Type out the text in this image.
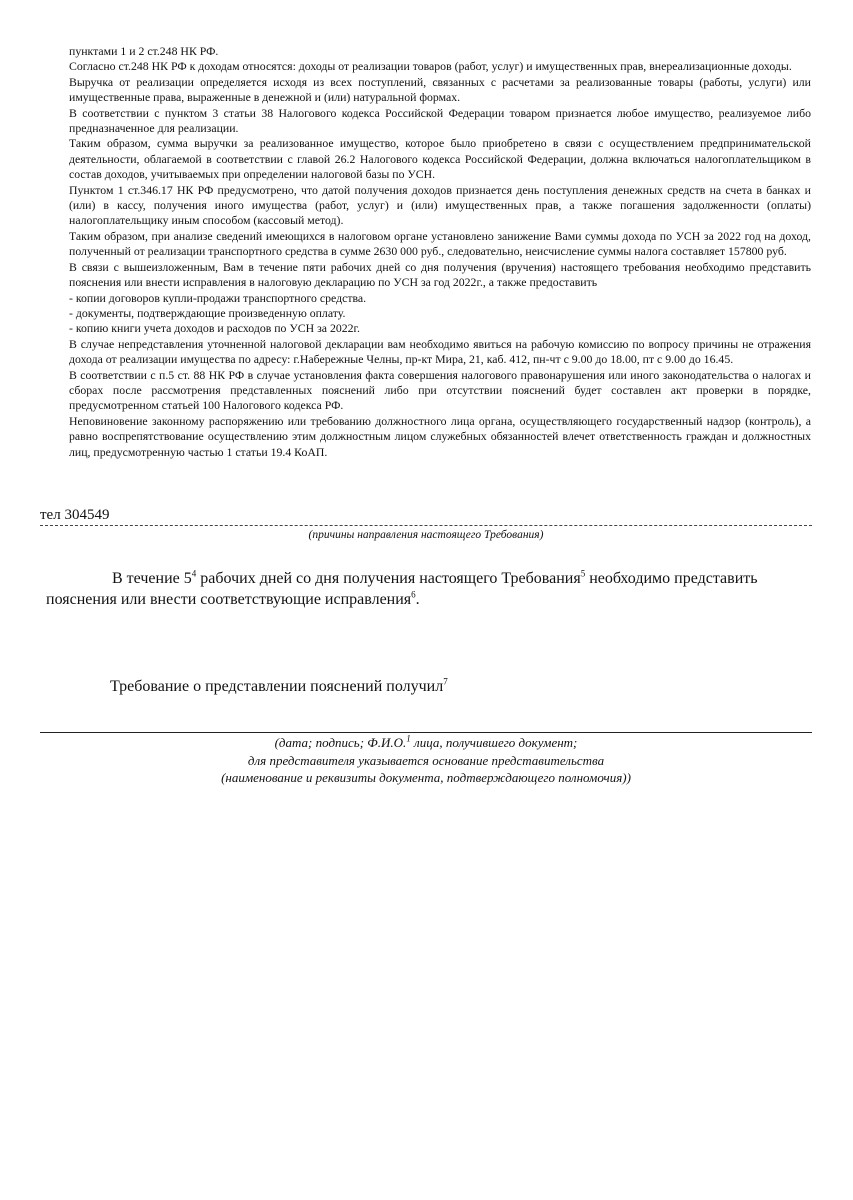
пунктами 1 и 2 ст.248 НК РФ.

Согласно ст.248 НК РФ к доходам относятся: доходы от реализации товаров (работ, услуг) и имущественных прав, внереализационные доходы.

Выручка от реализации определяется исходя из всех поступлений, связанных с расчетами за реализованные товары (работы, услуги) или имущественные права, выраженные в денежной и (или) натуральной формах.

В соответствии с пунктом 3 статьи 38 Налогового кодекса Российской Федерации товаром признается любое имущество, реализуемое либо предназначенное для реализации.

Таким образом, сумма выручки за реализованное имущество, которое было приобретено в связи с осуществлением предпринимательской деятельности, облагаемой в соответствии с главой 26.2 Налогового кодекса Российской Федерации, должна включаться налогоплательщиком в состав доходов, учитываемых при определении налоговой базы по УСН.

Пунктом 1 ст.346.17 НК РФ предусмотрено, что датой получения доходов признается день поступления денежных средств на счета в банках и (или) в кассу, получения иного имущества (работ, услуг) и (или) имущественных прав, а также погашения задолженности (оплаты) налогоплательщику иным способом (кассовый метод).

Таким образом, при анализе сведений имеющихся в налоговом органе установлено занижение Вами суммы дохода по УСН за 2022 год на доход, полученный от реализации транспортного средства в сумме 2630 000 руб., следовательно, неисчисление суммы налога составляет 157800 руб.

В связи с вышеизложенным, Вам в течение пяти рабочих дней со дня получения (вручения) настоящего требования необходимо представить пояснения или внести исправления в налоговую декларацию по УСН за год 2022г., а также предоставить

- копии договоров купли-продажи транспортного средства.

- документы, подтверждающие произведенную оплату.

- копию книги учета доходов и расходов по УСН за 2022г.

В случае непредставления уточненной налоговой декларации вам необходимо явиться на рабочую комиссию по вопросу причины не отражения дохода от реализации имущества по адресу: г.Набережные Челны, пр-кт Мира, 21, каб. 412, пн-чт с 9.00 до 18.00, пт с 9.00 до 16.45.

В соответствии с п.5 ст. 88 НК РФ в случае установления факта совершения налогового правонарушения или иного законодательства о налогах и сборах после рассмотрения представленных пояснений либо при отсутствии пояснений будет составлен акт проверки в порядке, предусмотренном статьей 100 Налогового кодекса РФ.

Неповиновение законному распоряжению или требованию должностного лица органа, осуществляющего государственный надзор (контроль), а равно воспрепятствование осуществлению этим должностным лицом служебных обязанностей влечет ответственность граждан и должностных лиц, предусмотренную частью 1 статьи 19.4 КоАП.

тел 304549
(причины направления настоящего Требования)
В течение $5^4$ рабочих дней со дня получения настоящего Требования$^5$ необходимо представить
пояснения или внести соответствующие исправления$^6$.
Требование о представлении пояснений получил$^7$
(дата; подпись; Ф.И.О.$^1$ лица, получившего документ;
для представителя указывается основание представительства
(наименование и реквизиты документа, подтверждающего полномочия))
